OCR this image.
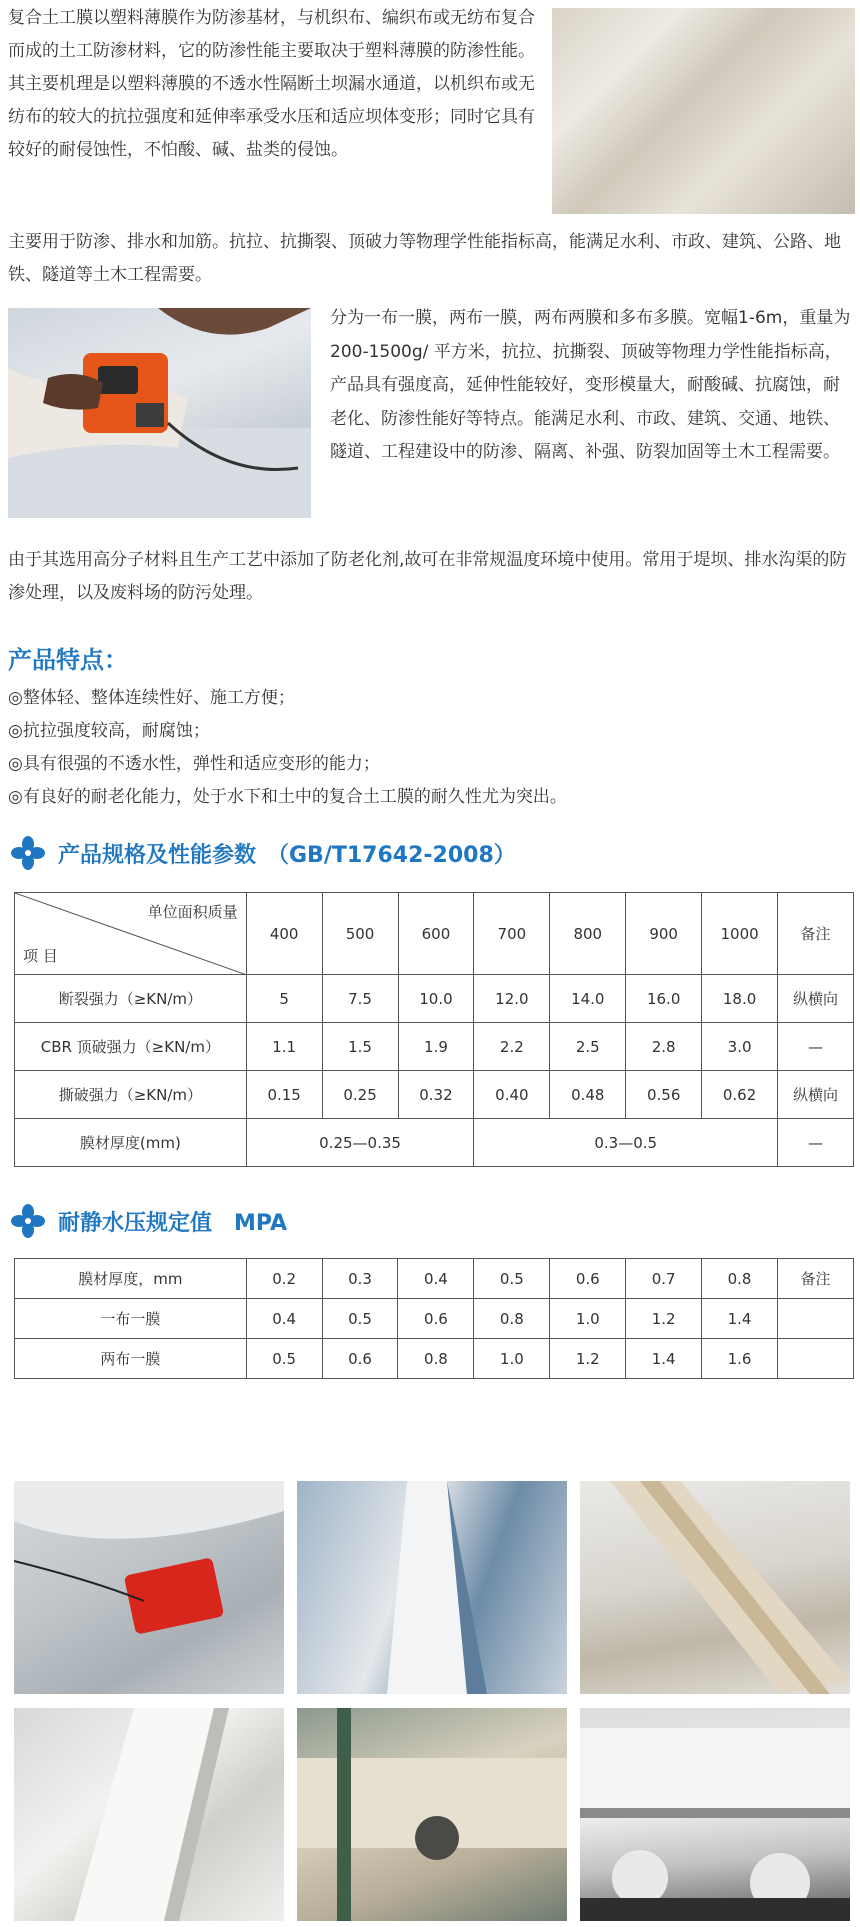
复合土工膜以塑料薄膜作为防渗基材，与机织布、编织布或无纺布复合而成的土工防渗材料，它的防渗性能主要取决于塑料薄膜的防渗性能。其主要机理是以塑料薄膜的不透水性隔断土坝漏水通道，以机织布或无纺布的较大的抗拉强度和延伸率承受水压和适应坝体变形；同时它具有较好的耐侵蚀性，不怕酸、碱、盐类的侵蚀。
主要用于防渗、排水和加筋。抗拉、抗撕裂、顶破力等物理学性能指标高，能满足水利、市政、建筑、公路、地铁、隧道等土木工程需要。
分为一布一膜，两布一膜，两布两膜和多布多膜。宽幅1-6m，重量为 200-1500g/ 平方米，抗拉、抗撕裂、顶破等物理力学性能指标高，产品具有强度高，延伸性能较好，变形模量大，耐酸碱、抗腐蚀，耐老化、防渗性能好等特点。能满足水利、市政、建筑、交通、地铁、隧道、工程建设中的防渗、隔离、补强、防裂加固等土木工程需要。
由于其选用高分子材料且生产工艺中添加了防老化剂,故可在非常规温度环境中使用。常用于堤坝、排水沟渠的防渗处理，以及废料场的防污处理。
产品特点：
◎整体轻、整体连续性好、施工方便；
◎抗拉强度较高，耐腐蚀；
◎具有很强的不透水性，弹性和适应变形的能力；
◎有良好的耐老化能力，处于水下和土中的复合土工膜的耐久性尤为突出。
产品规格及性能参数　（GB/T17642-2008）
单位面积质量
项 目	400	500	600	700	800	900	1000	备注
断裂强力（≥KN/m）	5	7.5	10.0	12.0	14.0	16.0	18.0	纵横向
CBR 顶破强力（≥KN/m）	1.1	1.5	1.9	2.2	2.5	2.8	3.0	—
撕破强力（≥KN/m）	0.15	0.25	0.32	0.40	0.48	0.56	0.62	纵横向
膜材厚度(mm)	0.25—0.35			0.3—0.5				—
耐静水压规定值　MPA
膜材厚度，mm	0.2	0.3	0.4	0.5	0.6	0.7	0.8	备注
一布一膜	0.4	0.5	0.6	0.8	1.0	1.2	1.4	
两布一膜	0.5	0.6	0.8	1.0	1.2	1.4	1.6	
